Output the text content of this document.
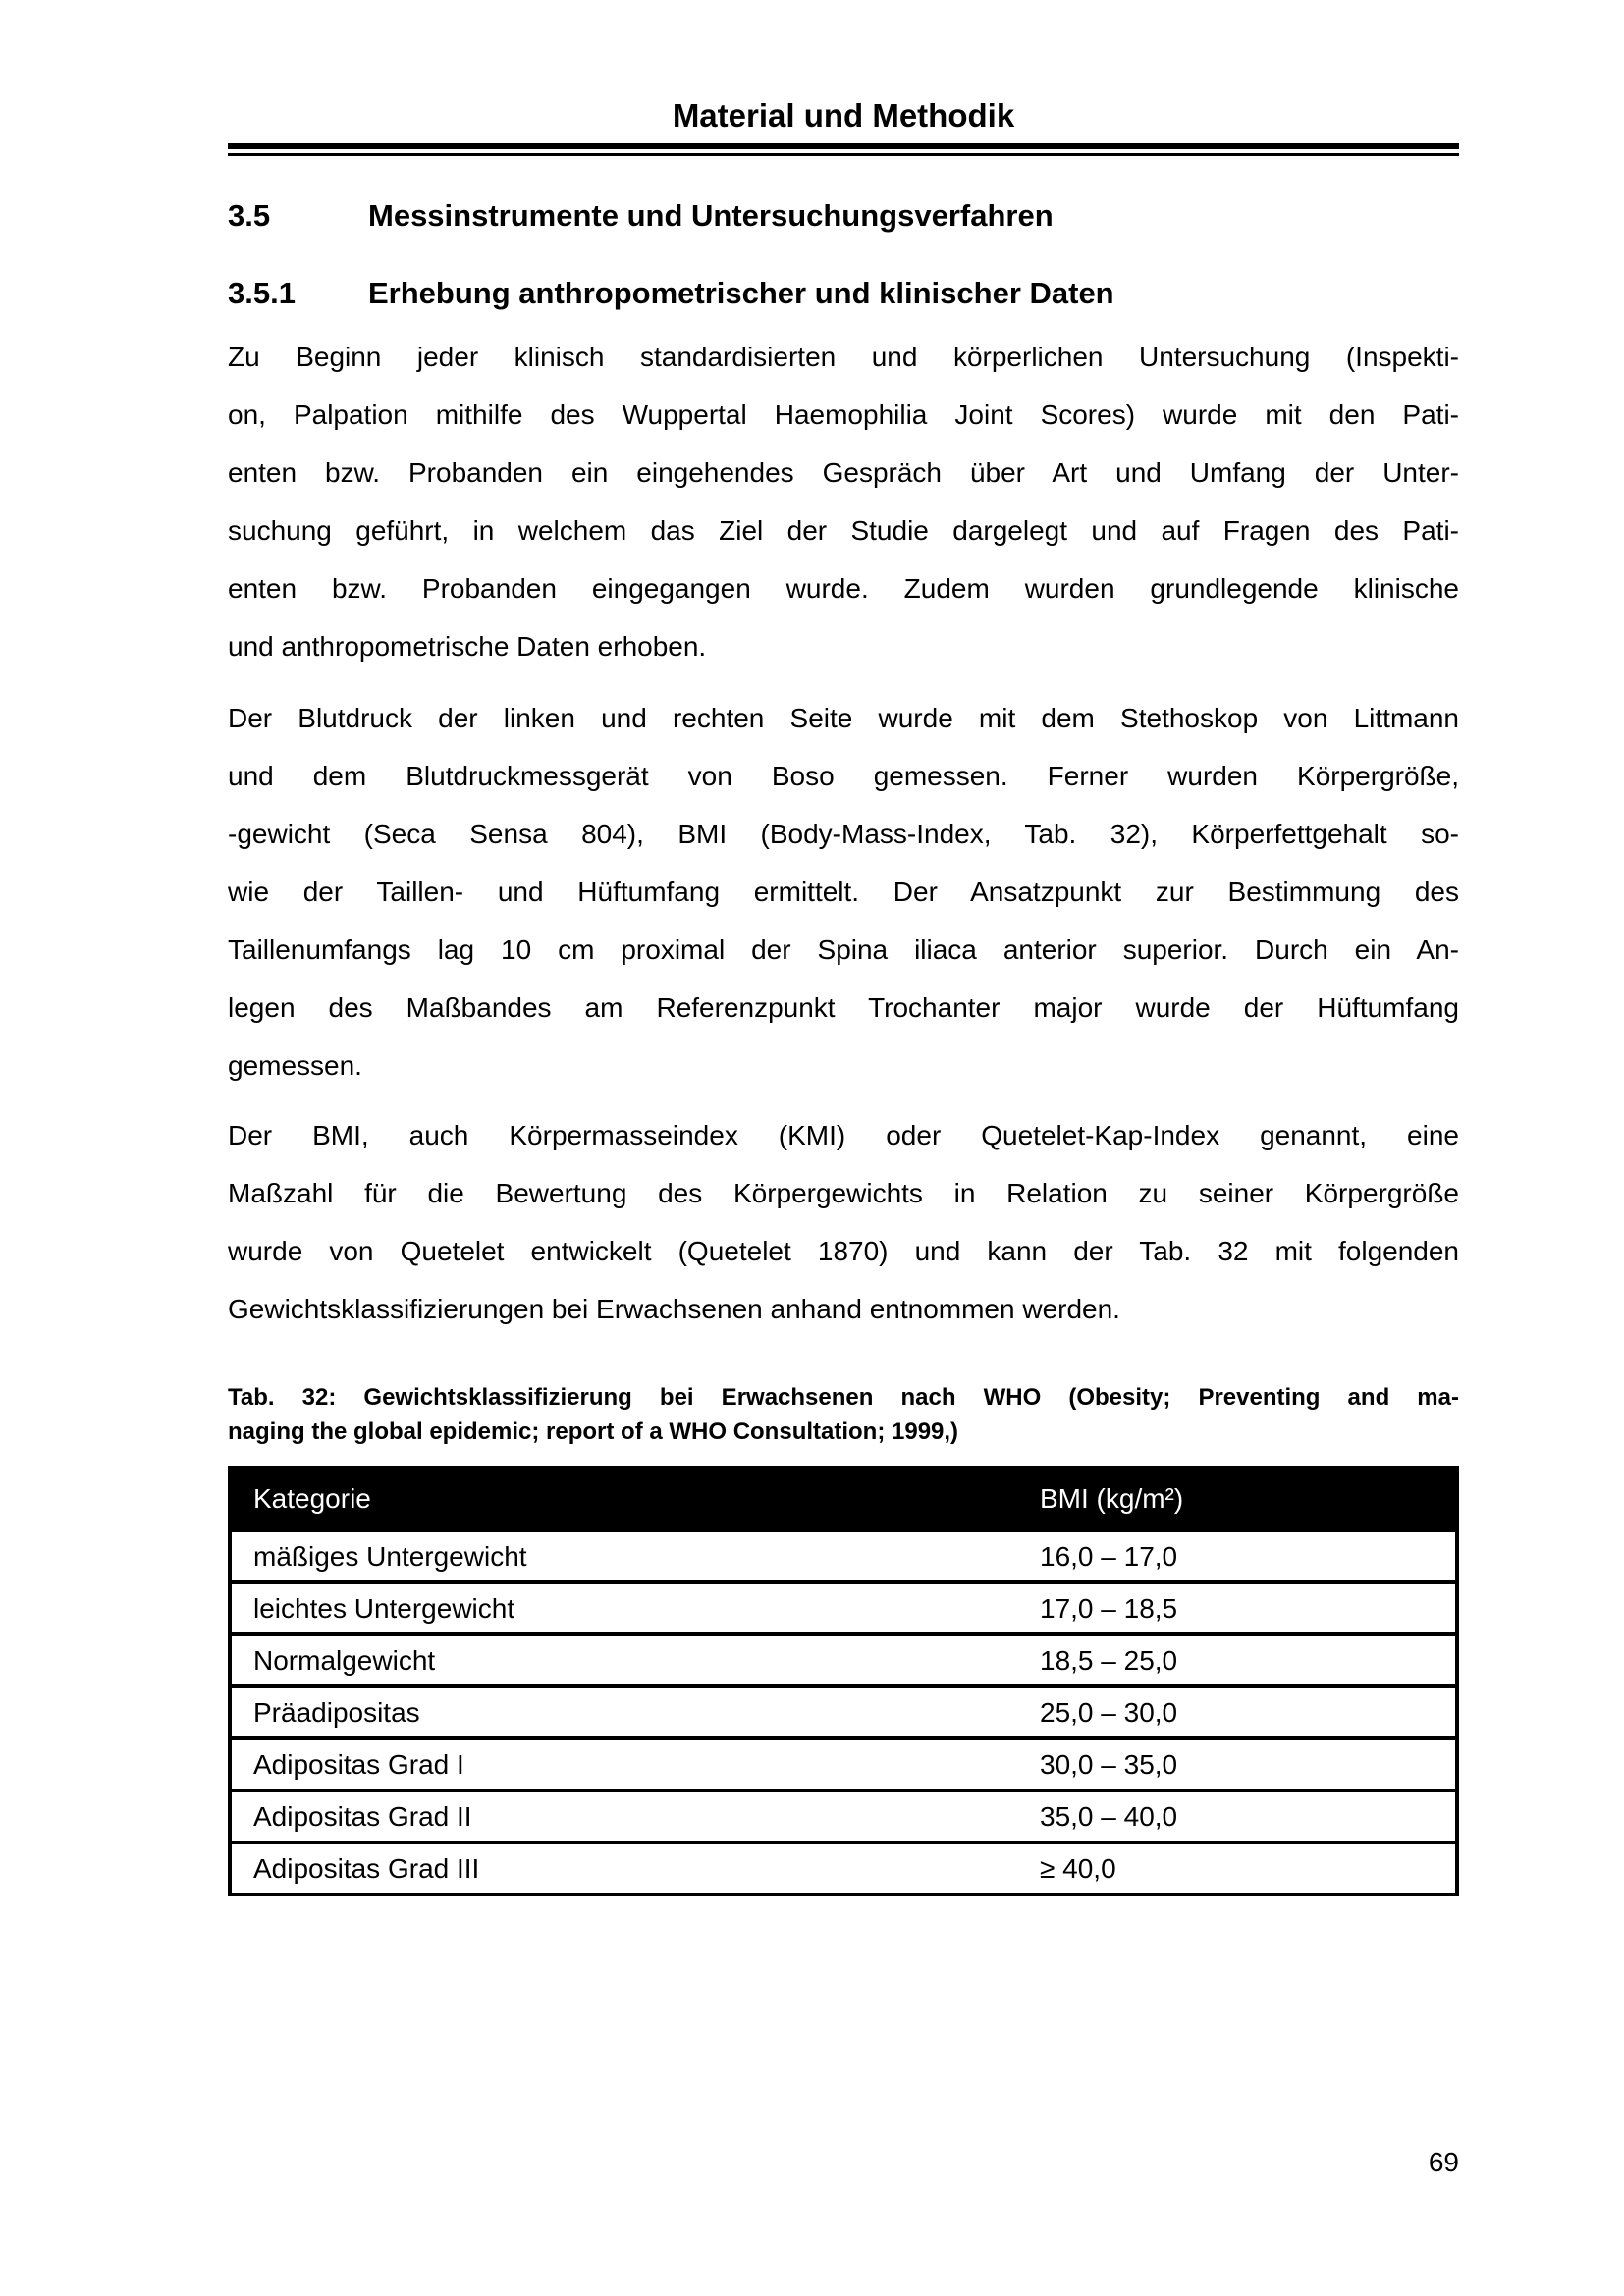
Material und Methodik
3.5	Messinstrumente und Untersuchungsverfahren
3.5.1	Erhebung anthropometrischer und klinischer Daten
Zu Beginn jeder klinisch standardisierten und körperlichen Untersuchung (Inspekti-
on, Palpation mithilfe des Wuppertal Haemophilia Joint Scores) wurde mit den Pati-
enten bzw. Probanden ein eingehendes Gespräch über Art und Umfang der Unter-
suchung geführt, in welchem das Ziel der Studie dargelegt und auf Fragen des Pati-
enten bzw. Probanden eingegangen wurde. Zudem wurden grundlegende klinische
und anthropometrische Daten erhoben.
Der Blutdruck der linken und rechten Seite wurde mit dem Stethoskop von Littmann
und dem Blutdruckmessgerät von Boso gemessen. Ferner wurden Körpergröße,
-gewicht (Seca Sensa 804), BMI (Body-Mass-Index, Tab. 32), Körperfettgehalt so-
wie der Taillen- und Hüftumfang ermittelt. Der Ansatzpunkt zur Bestimmung des
Taillenumfangs lag 10 cm proximal der Spina iliaca anterior superior. Durch ein An-
legen des Maßbandes am Referenzpunkt Trochanter major wurde der Hüftumfang
gemessen.
Der BMI, auch Körpermasseindex (KMI) oder Quetelet-Kap-Index genannt, eine
Maßzahl für die Bewertung des Körpergewichts in Relation zu seiner Körpergröße
wurde von Quetelet entwickelt (Quetelet 1870) und kann der Tab. 32 mit folgenden
Gewichtsklassifizierungen bei Erwachsenen anhand entnommen werden.
Tab. 32: Gewichtsklassifizierung bei Erwachsenen nach WHO (Obesity; Preventing and ma-
naging the global epidemic; report of a WHO Consultation; 1999,)
Kategorie	BMI (kg/m²)
mäßiges Untergewicht	16,0 – 17,0
leichtes Untergewicht	17,0 – 18,5
Normalgewicht	18,5 – 25,0
Präadipositas	25,0 – 30,0
Adipositas Grad I	30,0 – 35,0
Adipositas Grad II	35,0 – 40,0
Adipositas Grad III	≥ 40,0
69
